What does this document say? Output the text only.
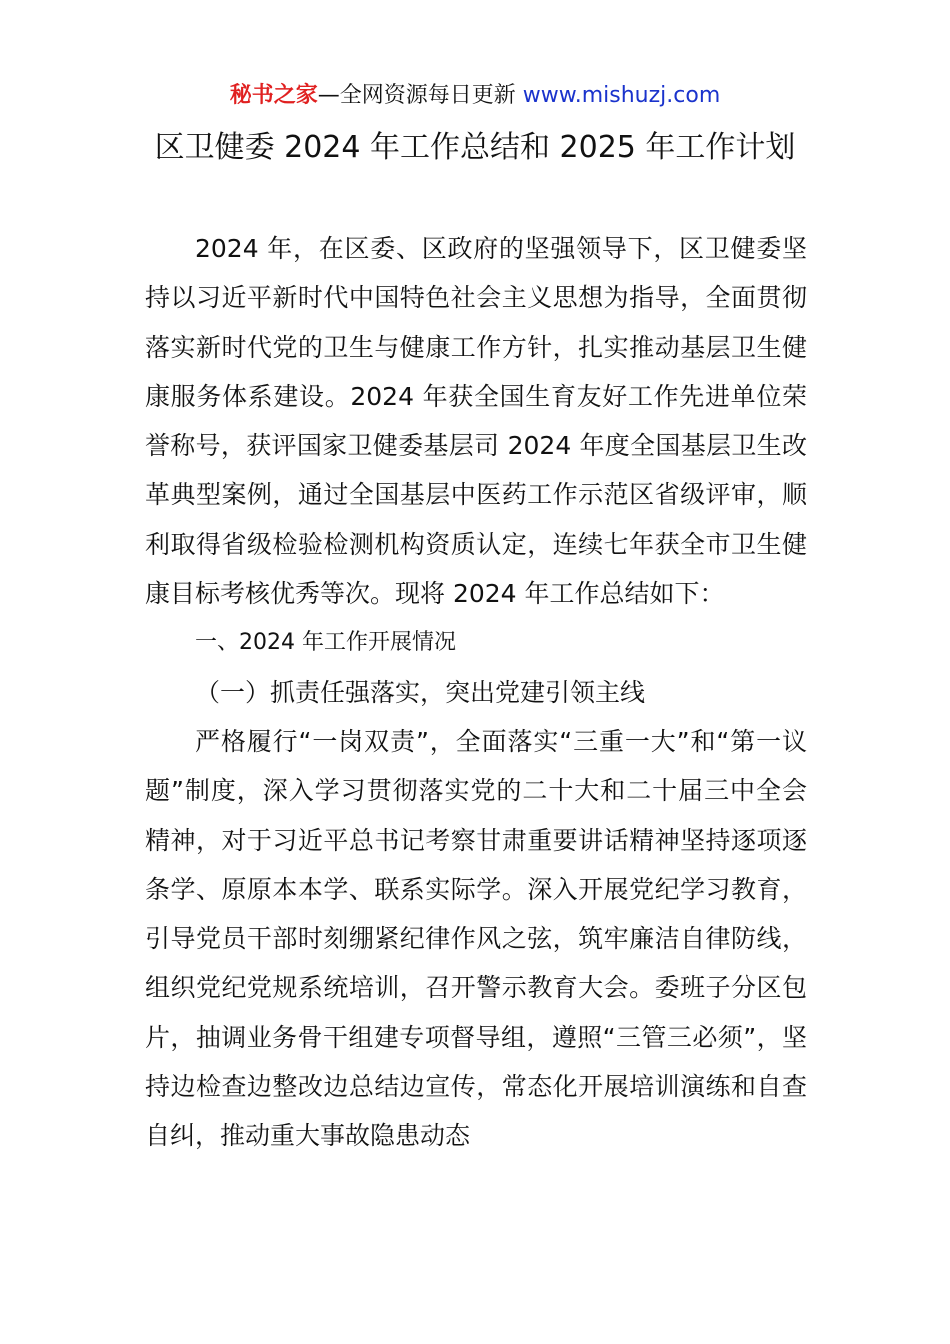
秘书之家—全网资源每日更新 www.mishuzj.com
区卫健委 2024 年工作总结和 2025 年工作计划

2024 年，在区委、区政府的坚强领导下，区卫健委坚持以习近平新时代中国特色社会主义思想为指导，全面贯彻落实新时代党的卫生与健康工作方针，扎实推动基层卫生健康服务体系建设。2024 年获全国生育友好工作先进单位荣誉称号，获评国家卫健委基层司 2024 年度全国基层卫生改革典型案例，通过全国基层中医药工作示范区省级评审，顺利取得省级检验检测机构资质认定，连续七年获全市卫生健康目标考核优秀等次。现将 2024 年工作总结如下：

一、2024 年工作开展情况

（一）抓责任强落实，突出党建引领主线

严格履行“一岗双责”，全面落实“三重一大”和“第一议题”制度，深入学习贯彻落实党的二十大和二十届三中全会精神，对于习近平总书记考察甘肃重要讲话精神坚持逐项逐条学、原原本本学、联系实际学。深入开展党纪学习教育，引导党员干部时刻绷紧纪律作风之弦，筑牢廉洁自律防线，组织党纪党规系统培训，召开警示教育大会。委班子分区包片，抽调业务骨干组建专项督导组，遵照“三管三必须”，坚持边检查边整改边总结边宣传，常态化开展培训演练和自查自纠，推动重大事故隐患动态
